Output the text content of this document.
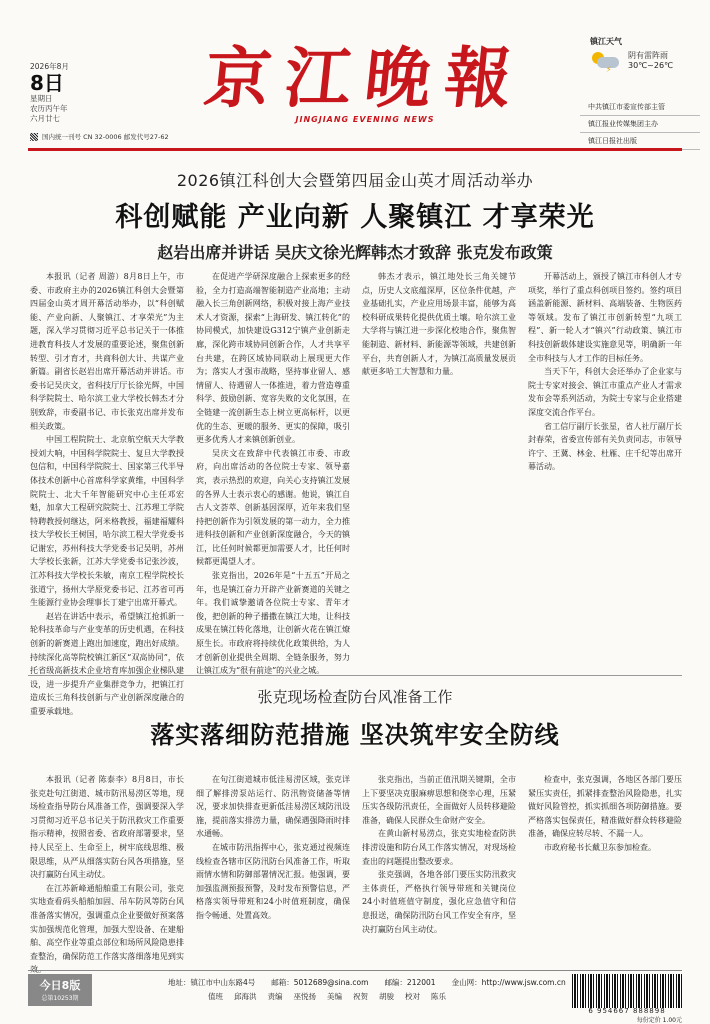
2026年8月
8日
星期日
农历丙午年
六月廿七
国内统一刊号 CN 32-0006 邮发代号27-62
京江晚報
JINGJIANG EVENING NEWS
镇江天气
⚡
阴有雷阵雨
30℃~26℃
中共镇江市委宣传部主管
镇江报业传媒集团主办
镇江日报社出版
2026镇江科创大会暨第四届金山英才周活动举办
科创赋能 产业向新 人聚镇江 才享荣光
赵岩出席并讲话 吴庆文徐光辉韩杰才致辞 张克发布政策

本报讯（记者 周游）8月8日上午，市委、市政府主办的2026镇江科创大会暨第四届金山英才周开幕活动举办，以“科创赋能、产业向新、人聚镇江、才享荣光”为主题，深入学习贯彻习近平总书记关于一体推进教育科技人才发展的重要论述，聚焦创新转型、引才育才，共商科创大计、共谋产业新篇。副省长赵岩出席开幕活动并讲话。市委书记吴庆文，省科技厅厅长徐光辉，中国科学院院士、哈尔滨工业大学校长韩杰才分别致辞，市委副书记、市长张克出席并发布相关政策。

中国工程院院士、北京航空航天大学教授刘大响，中国科学院院士、复旦大学教授包信和，中国科学院院士、国家第三代半导体技术创新中心首席科学家黄维，中国科学院院士、北大千年智能研究中心主任邓宏魁，加拿大工程研究院院士、江苏理工学院特聘教授何继达，阿米格教授，福建福耀科技大学校长王树国，哈尔滨工程大学党委书记谢宏，苏州科技大学党委书记吴明，苏州大学校长张新，江苏大学党委书记张沙波，江苏科技大学校长朱敏，南京工程学院校长张道宁，扬州大学原党委书记、江苏省可再生能源行业协会理事长丁建宁出席开幕式。

赵岩在讲话中表示，希望镇江抢抓新一轮科技革命与产业变革的历史机遇，在科技创新的新赛道上跑出加速度，跑出好成绩。持续深化高等院校镇江新区“双高协同”，依托省级高新技术企业培育库加强企业梯队建设，进一步提升产业集群竞争力，把镇江打造成长三角科技创新与产业创新深度融合的重要承载地。

在促进产学研深度融合上探索更多的经验，全力打造高端智能制造产业高地；主动融入长三角创新网络，积极对接上海产业技术人才资源，探索“上海研发、镇江转化”的协同模式，加快建设G312宁镇产业创新走廊，深化跨市域协同创新合作，人才共享平台共建，在跨区域协同联动上展现更大作为；落实人才强市战略，坚持事业留人、感情留人、待遇留人一体推进，着力营造尊重科学、鼓励创新、宽容失败的文化氛围，在全链建一流创新生态上树立更高标杆，以更优的生态、更暖的服务、更实的保障，吸引更多优秀人才来镇创新创业。

吴庆文在致辞中代表镇江市委、市政府，向出席活动的各位院士专家、领导嘉宾，表示热烈的欢迎，向关心支持镇江发展的各界人士表示衷心的感谢。他说，镇江自古人文荟萃、创新基因深厚，近年来我们坚持把创新作为引领发展的第一动力，全力推进科技创新和产业创新深度融合，今天的镇江，比任何时候都更加需要人才，比任何时候都更渴望人才。

张克指出，2026年是“十五五”开局之年，也是镇江奋力开辟产业新赛道的关键之年。我们诚挚邀请各位院士专家、青年才俊，把创新的种子播撒在镇江大地，让科技成果在镇江转化落地，让创新火花在镇江燎原生长。市政府将持续优化政策供给，为人才创新创业提供全周期、全链条服务，努力让镇江成为“很有前途”的兴业之城。

韩杰才表示，镇江地处长三角关键节点，历史人文底蕴深厚，区位条件优越，产业基础扎实，产业应用场景丰富，能够为高校科研成果转化提供优质土壤。哈尔滨工业大学将与镇江进一步深化校地合作，聚焦智能制造、新材料、新能源等领域，共建创新平台，共育创新人才，为镇江高质量发展贡献更多哈工大智慧和力量。

开幕活动上，颁授了镇江市科创人才专项奖，举行了重点科创项目签约。签约项目涵盖新能源、新材料、高端装备、生物医药等领域。发布了镇江市创新转型“九项工程”、新一轮人才“镇兴”行动政策、镇江市科技创新载体建设实施意见等，明确新一年全市科技与人才工作的目标任务。

当天下午，科创大会还举办了企业家与院士专家对接会、镇江市重点产业人才需求发布会等系列活动，为院士专家与企业搭建深度交流合作平台。

省工信厅副厅长张星，省人社厅副厅长封春荣，省委宣传部有关负责同志，市领导许宁、王冀、林金、杜雁、庄千纪等出席开幕活动。

张克现场检查防台风准备工作
落实落细防范措施 坚决筑牢安全防线

本报讯（记者 陈泰李）8月8日，市长张克赴句江街道、城市防汛易涝区等地，现场检查指导防台风准备工作，强调要深入学习贯彻习近平总书记关于防汛救灾工作重要指示精神，按照省委、省政府部署要求，坚持人民至上、生命至上，树牢底线思维、极限思维，从严从细落实防台风各项措施，坚决打赢防台风主动仗。

在江苏新峰通船舶重工有限公司，张克实地查看码头船舶加固、吊车防风等防台风准备落实情况，强调重点企业要做好预案落实加强规范化管理，加强大型设备、在建船舶、高空作业等重点部位和场所风险隐患排查整治，确保防范工作落实落细落地见到实效。

在句江街道城市低洼易涝区域，张克详细了解排涝泵站运行、防汛物资储备等情况，要求加快排查更新低洼易涝区域防汛设施，提前落实排涝力量，确保遇强降雨时排水通畅。

在城市防汛指挥中心，张克通过视频连线检查各辖市区防汛防台风准备工作，听取雨情水情和防御部署情况汇报。他强调，要加强监测预报预警，及时发布预警信息，严格落实领导带班和24小时值班制度，确保指令畅通、处置高效。

张克指出，当前正值汛期关键期，全市上下要坚决克服麻痹思想和侥幸心理，压紧压实各级防汛责任，全面做好人员转移避险准备，确保人民群众生命财产安全。

在黄山新村易涝点，张克实地检查防洪排涝设施和防台风工作落实情况，对现场检查出的问题提出整改要求。

张克强调，各地各部门要压实防汛救灾主体责任，严格执行领导带班和关键岗位24小时值班值守制度，强化应急值守和信息报送，确保防汛防台风工作安全有序，坚决打赢防台风主动仗。

检查中，张克强调，各地区各部门要压紧压实责任，抓紧排查整治风险隐患，扎实做好风险管控，抓实抓细各项防御措施。要严格落实包保责任，精准做好群众转移避险准备，确保应转尽转、不漏一人。

市政府秘书长戴卫东参加检查。

今日8版
总第10253期
地址：镇江市中山东路4号 邮箱：5012689@sina.com 邮编：212001 金山网：http://www.jsw.com.cn
值班 邱海洪 责编 巫悦扬 美编 祝贺 胡骏 校对 陈乐
6 954667 888898
每份定价 1.00元
